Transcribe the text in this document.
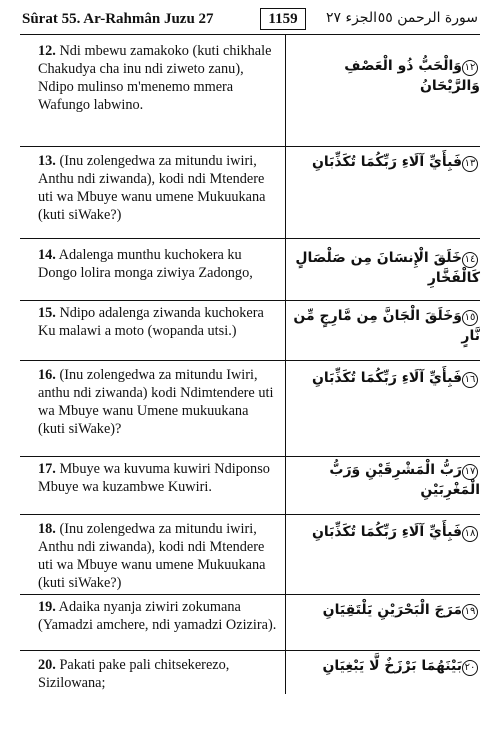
Sûrat 55. Ar-Rahmân Juzu 27	1159	الجزء ٢٧ سورة الرحمن ٥٥
12. Ndi mbewu zamakoko (kuti chikhale Chakudya cha inu ndi ziweto zanu), Ndipo mulinso m'menemo mmera Wafungo labwino.
١٢وَالْحَبُّ ذُو الْعَصْفِ وَالرَّيْحَانُ
13. (Inu zolengedwa za mitundu iwiri, Anthu ndi ziwanda), kodi ndi Mtendere uti wa Mbuye wanu umene Mukuukana (kuti siWake?)
١٣فَبِأَيِّ آلَاءِ رَبِّكُمَا تُكَذِّبَانِ
14. Adalenga munthu kuchokera ku Dongo lolira monga ziwiya Zadongo,
١٤خَلَقَ الْإِنسَانَ مِن صَلْصَالٍ كَالْفَخَّارِ
15. Ndipo adalenga ziwanda kuchokera Ku malawi a moto (wopanda utsi.)
١٥وَخَلَقَ الْجَانَّ مِن مَّارِجٍ مِّن نَّارٍ
16. (Inu zolengedwa za mitundu Iwiri, anthu ndi ziwanda) kodi Ndimtendere uti wa Mbuye wanu Umene mukuukana (kuti siWake)?
١٦فَبِأَيِّ آلَاءِ رَبِّكُمَا تُكَذِّبَانِ
17. Mbuye wa kuvuma kuwiri Ndiponso Mbuye wa kuzambwe Kuwiri.
١٧رَبُّ الْمَشْرِقَيْنِ وَرَبُّ الْمَغْرِبَيْنِ
18. (Inu zolengedwa za mitundu iwiri, Anthu ndi ziwanda), kodi ndi Mtendere uti wa Mbuye wanu umene Mukuukana (kuti siWake?)
١٨فَبِأَيِّ آلَاءِ رَبِّكُمَا تُكَذِّبَانِ
19. Adaika nyanja ziwiri zokumana (Yamadzi amchere, ndi yamadzi Ozizira).
١٩مَرَجَ الْبَحْرَيْنِ يَلْتَقِيَانِ
20. Pakati pake pali chitsekerezo, Sizilowana;
٢٠بَيْنَهُمَا بَرْزَخٌ لَّا يَبْغِيَانِ
